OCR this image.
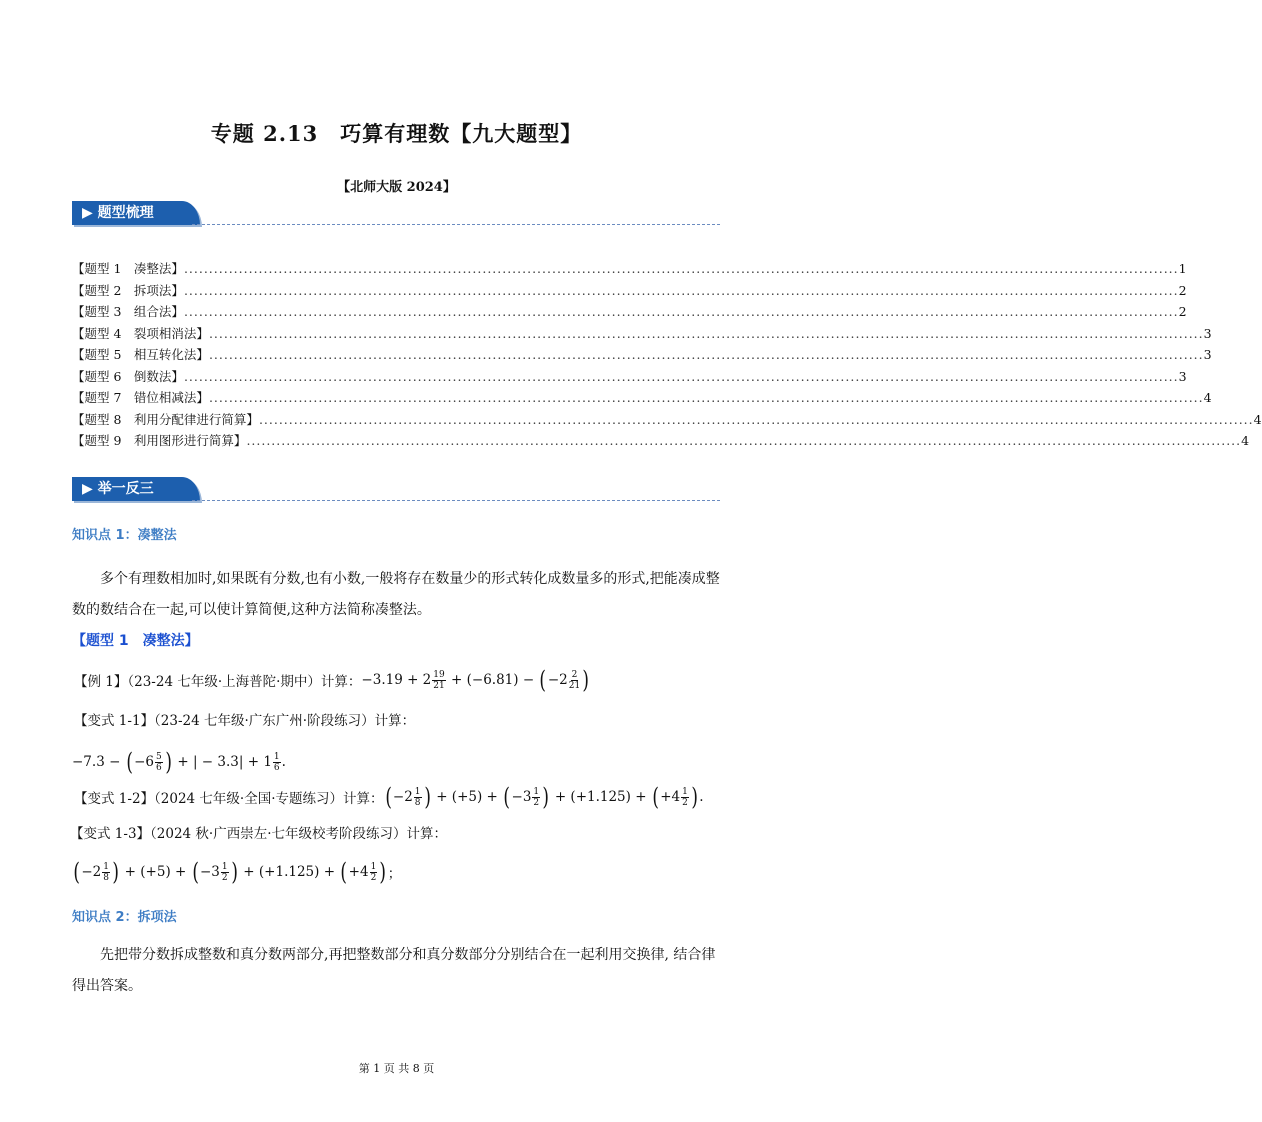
专题 2.13　巧算有理数【九大题型】
【北师大版 2024】
▶ 题型梳理
【题型 1　凑整法】 ........................................................................................................................................................................................................ 1
【题型 2　拆项法】 ........................................................................................................................................................................................................ 2
【题型 3　组合法】 ........................................................................................................................................................................................................ 2
【题型 4　裂项相消法】 ........................................................................................................................................................................................................ 3
【题型 5　相互转化法】 ........................................................................................................................................................................................................ 3
【题型 6　倒数法】 ........................................................................................................................................................................................................ 3
【题型 7　错位相减法】 ........................................................................................................................................................................................................ 4
【题型 8　利用分配律进行简算】 ........................................................................................................................................................................................................ 4
【题型 9　利用图形进行简算】 ........................................................................................................................................................................................................ 4
▶ 举一反三
知识点 1：凑整法
多个有理数相加时,如果既有分数,也有小数,一般将存在数量少的形式转化成数量多的形式,把能凑成整数的数结合在一起,可以使计算简便,这种方法简称凑整法。
【题型 1　凑整法】
【例 1】（23-24 七年级·上海普陀·期中）计算： $-3.19 + 2 \frac{19}{21} + (-6.81)$ − ( $-2 \frac{2}{21}$ )
【变式 1-1】（23-24 七年级·广东广州·阶段练习）计算：
−7.3 − ( $-6 \frac{5}{6}$ ) + | − $3.3| + 1 \frac{1}{6}$ .
【变式 1-2】（2024 七年级·全国·专题练习）计算： ( $-2 \frac{1}{8}$ ) + (+5) + ( $-3 \frac{1}{2}$ ) + (+1.125) + ( $+4 \frac{1}{2}$ ) .
【变式 1-3】（2024 秋·广西崇左·七年级校考阶段练习）计算：
( $-2 \frac{1}{8}$ ) + (+5) + ( $-3 \frac{1}{2}$ ) + (+1.125) + ( $+4 \frac{1}{2}$ ) ；
知识点 2：拆项法
先把带分数拆成整数和真分数两部分,再把整数部分和真分数部分分别结合在一起利用交换律, 结合律得出答案。
第 1 页 共 8 页
